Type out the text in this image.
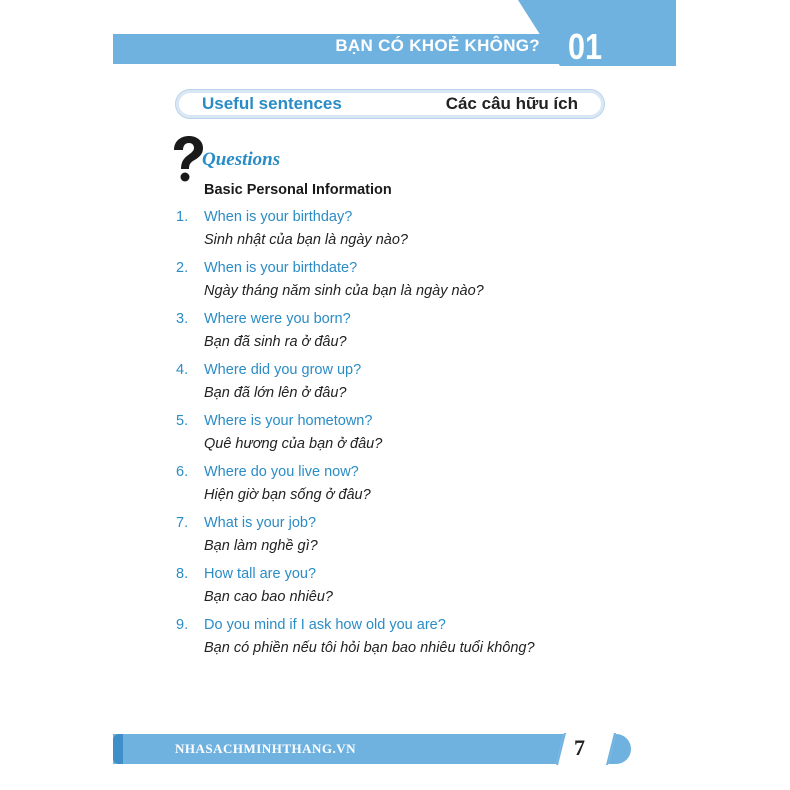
BẠN CÓ KHOẺ KHÔNG? 01
Useful sentences	Các câu hữu ích
Questions
Basic Personal Information
1. When is your birthday?
Sinh nhật của bạn là ngày nào?
2. When is your birthdate?
Ngày tháng năm sinh của bạn là ngày nào?
3. Where were you born?
Bạn đã sinh ra ở đâu?
4. Where did you grow up?
Bạn đã lớn lên ở đâu?
5. Where is your hometown?
Quê hương của bạn ở đâu?
6. Where do you live now?
Hiện giờ bạn sống ở đâu?
7. What is your job?
Bạn làm nghề gì?
8. How tall are you?
Bạn cao bao nhiêu?
9. Do you mind if I ask how old you are?
Bạn có phiền nếu tôi hỏi bạn bao nhiêu tuổi không?
NHASACHMINHTHANG.VN	7
